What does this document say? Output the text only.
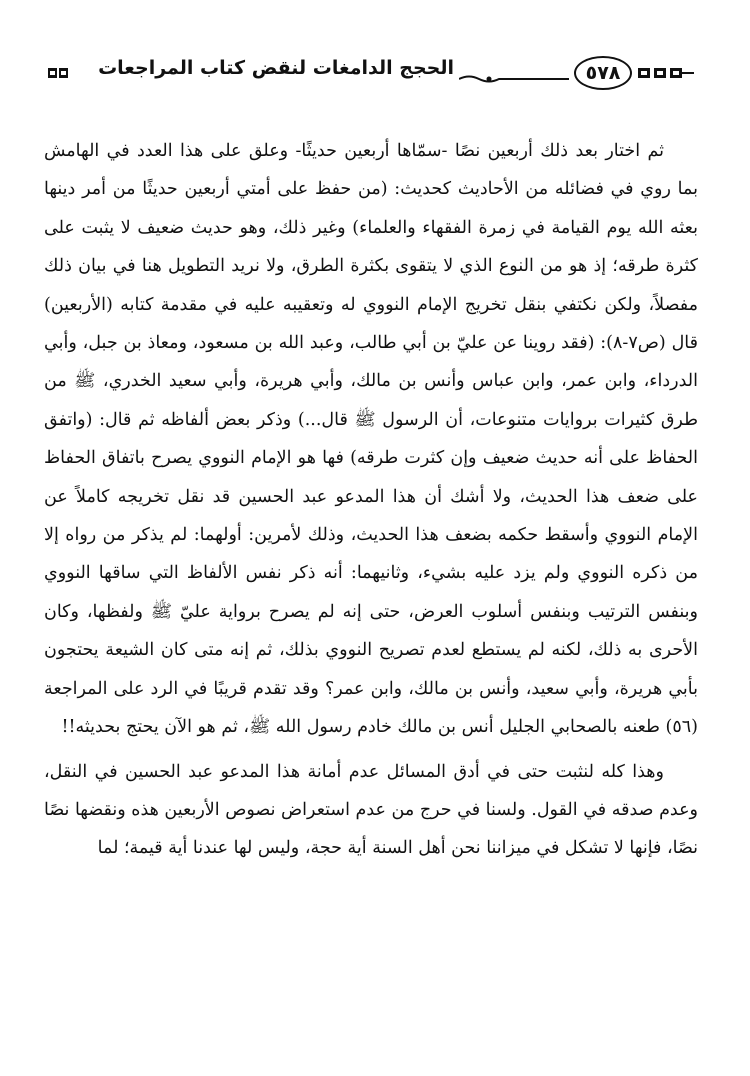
٥٧٨
الحجج الدامغات لنقض كتاب المراجعات

ثم اختار بعد ذلك أربعين نصًا -سمّاها أربعين حديثًا- وعلق على هذا العدد في الهامش بما روي في فضائله من الأحاديث كحديث: (من حفظ على أمتي أربعين حديثًا من أمر دينها بعثه الله يوم القيامة في زمرة الفقهاء والعلماء) وغير ذلك، وهو حديث ضعيف لا يثبت على كثرة طرقه؛ إذ هو من النوع الذي لا يتقوى بكثرة الطرق، ولا نريد التطويل هنا في بيان ذلك مفصلاً، ولكن نكتفي بنقل تخريج الإمام النووي له وتعقيبه عليه في مقدمة كتابه (الأربعين) قال (ص٧-٨): (فقد روينا عن عليّ بن أبي طالب، وعبد الله بن مسعود، ومعاذ بن جبل، وأبي الدرداء، وابن عمر، وابن عباس وأنس بن مالك، وأبي هريرة، وأبي سعيد الخدري، ﷺ من طرق كثيرات بروايات متنوعات، أن الرسول ﷺ قال...) وذكر بعض ألفاظه ثم قال: (واتفق الحفاظ على أنه حديث ضعيف وإن كثرت طرقه) فها هو الإمام النووي يصرح باتفاق الحفاظ على ضعف هذا الحديث، ولا أشك أن هذا المدعو عبد الحسين قد نقل تخريجه كاملاً عن الإمام النووي وأسقط حكمه بضعف هذا الحديث، وذلك لأمرين: أولهما: لم يذكر من رواه إلا من ذكره النووي ولم يزد عليه بشيء، وثانيهما: أنه ذكر نفس الألفاظ التي ساقها النووي وبنفس الترتيب وبنفس أسلوب العرض، حتى إنه لم يصرح برواية عليّ ﷺ ولفظها، وكان الأحرى به ذلك، لكنه لم يستطع لعدم تصريح النووي بذلك، ثم إنه متى كان الشيعة يحتجون بأبي هريرة، وأبي سعيد، وأنس بن مالك، وابن عمر؟ وقد تقدم قريبًا في الرد على المراجعة (٥٦) طعنه بالصحابي الجليل أنس بن مالك خادم رسول الله ﷺ، ثم هو الآن يحتج بحديثه!!

وهذا كله لنثبت حتى في أدق المسائل عدم أمانة هذا المدعو عبد الحسين في النقل، وعدم صدقه في القول. ولسنا في حرج من عدم استعراض نصوص الأربعين هذه ونقضها نصًا نصًا، فإنها لا تشكل في ميزاننا نحن أهل السنة أية حجة، وليس لها عندنا أية قيمة؛ لما
